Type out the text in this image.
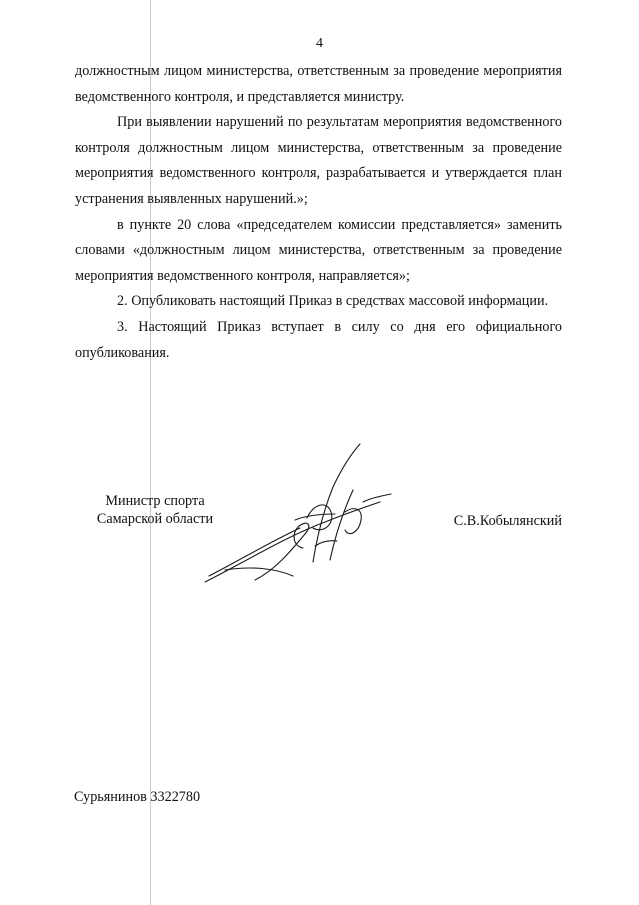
4

должностным лицом министерства, ответственным за проведение мероприятия ведомственного контроля, и представляется министру.

При выявлении нарушений по результатам мероприятия ведомственного контроля должностным лицом министерства, ответственным за проведение мероприятия ведомственного контроля, разрабатывается и утверждается план устранения выявленных нарушений.»;

в пункте 20 слова «председателем комиссии представляется» заменить словами «должностным лицом министерства, ответственным за проведение мероприятия ведомственного контроля, направляется»;

2. Опубликовать настоящий Приказ в средствах массовой информации.

3. Настоящий Приказ вступает в силу со дня его официального опубликования.

Министр спорта
Самарской области	С.В.Кобылянский
Сурьянинов 3322780
